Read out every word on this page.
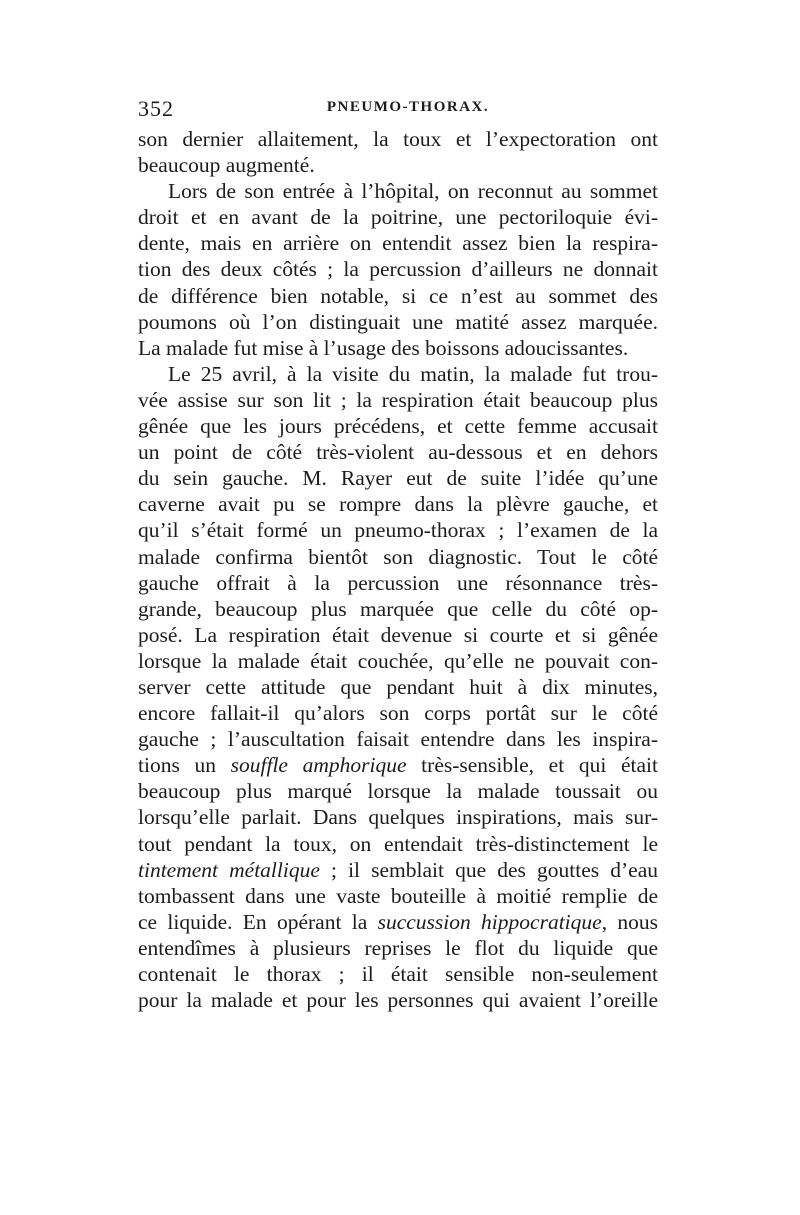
352	PNEUMO-THORAX.
son dernier allaitement, la toux et l’expectoration ont
beaucoup augmenté.
Lors de son entrée à l’hôpital, on reconnut au sommet
droit et en avant de la poitrine, une pectoriloquie évi-
dente, mais en arrière on entendit assez bien la respira-
tion des deux côtés ; la percussion d’ailleurs ne donnait
de différence bien notable, si ce n’est au sommet des
poumons où l’on distinguait une matité assez marquée.
La malade fut mise à l’usage des boissons adoucissantes.
Le 25 avril, à la visite du matin, la malade fut trou-
vée assise sur son lit ; la respiration était beaucoup plus
gênée que les jours précédens, et cette femme accusait
un point de côté très-violent au-dessous et en dehors
du sein gauche. M. Rayer eut de suite l’idée qu’une
caverne avait pu se rompre dans la plèvre gauche, et
qu’il s’était formé un pneumo-thorax ; l’examen de la
malade confirma bientôt son diagnostic. Tout le côté
gauche offrait à la percussion une résonnance très-
grande, beaucoup plus marquée que celle du côté op-
posé. La respiration était devenue si courte et si gênée
lorsque la malade était couchée, qu’elle ne pouvait con-
server cette attitude que pendant huit à dix minutes,
encore fallait-il qu’alors son corps portât sur le côté
gauche ; l’auscultation faisait entendre dans les inspira-
tions un souffle amphorique très-sensible, et qui était
beaucoup plus marqué lorsque la malade toussait ou
lorsqu’elle parlait. Dans quelques inspirations, mais sur-
tout pendant la toux, on entendait très-distinctement le
tintement métallique ; il semblait que des gouttes d’eau
tombassent dans une vaste bouteille à moitié remplie de
ce liquide. En opérant la succussion hippocratique, nous
entendîmes à plusieurs reprises le flot du liquide que
contenait le thorax ; il était sensible non-seulement
pour la malade et pour les personnes qui avaient l’oreille
